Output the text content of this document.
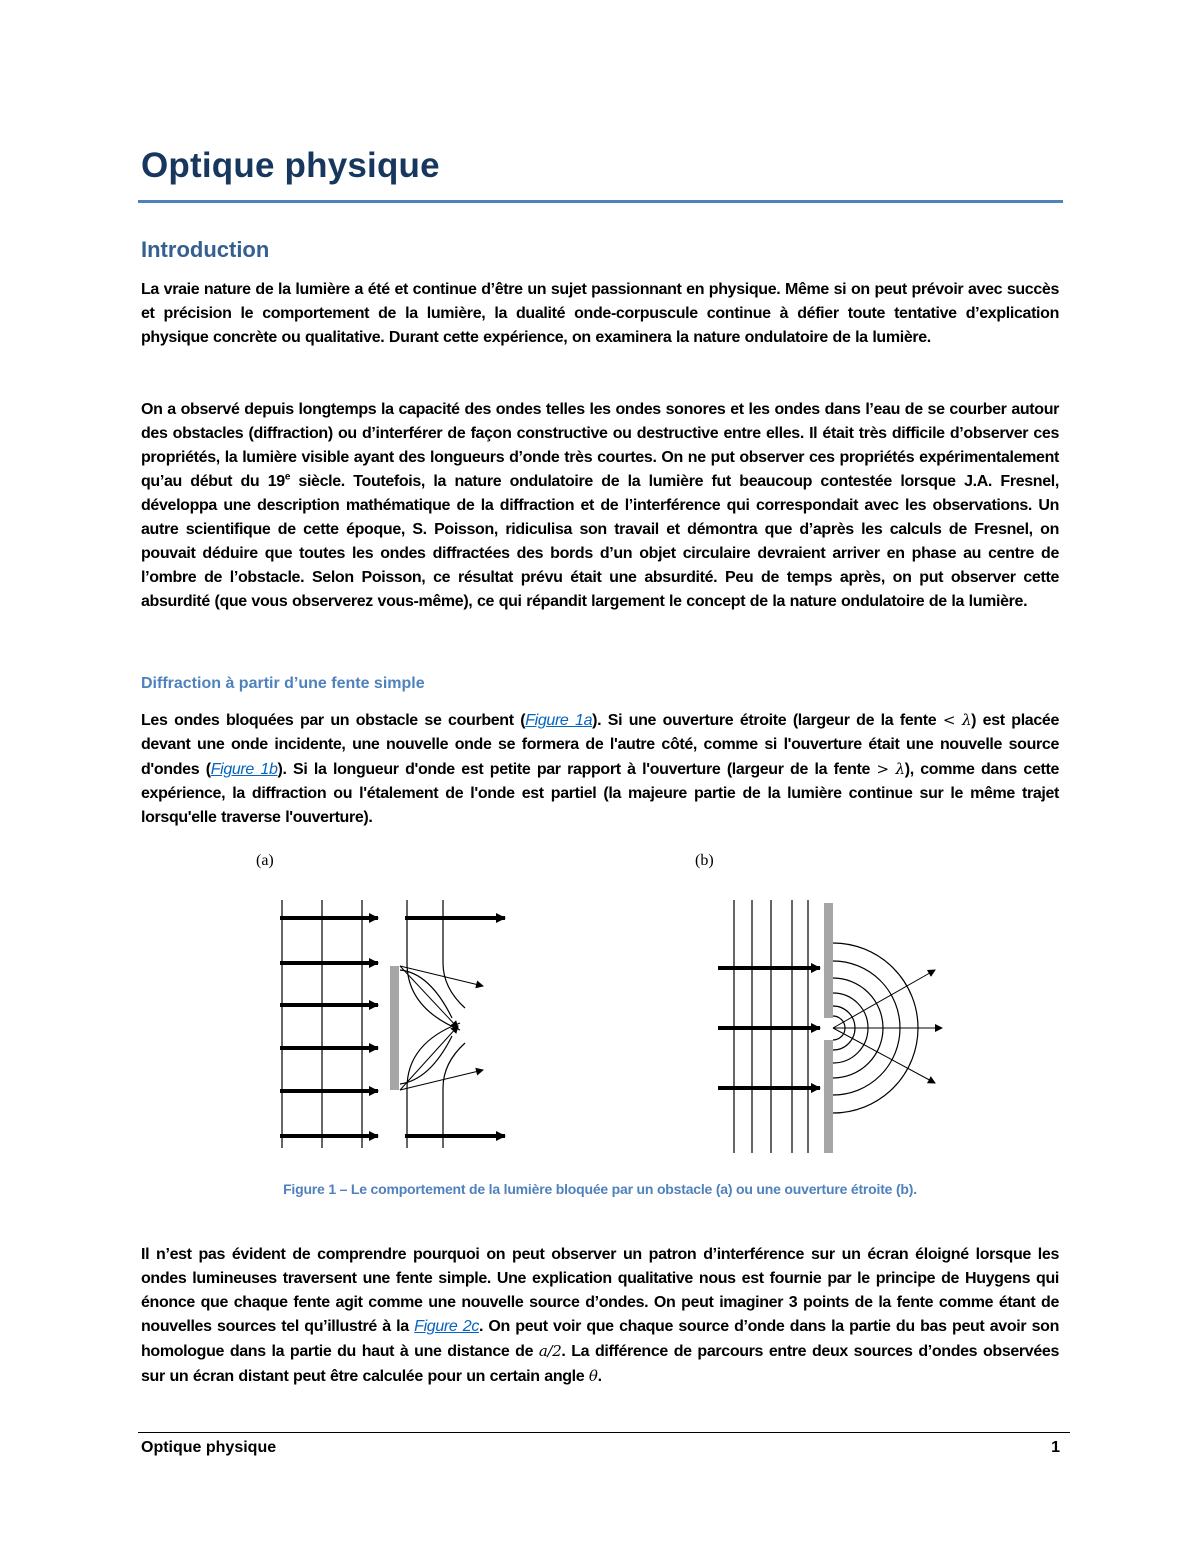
Optique physique
Introduction
La vraie nature de la lumière a été et continue d’être un sujet passionnant en physique. Même si on peut prévoir avec succès et précision le comportement de la lumière, la dualité onde-corpuscule continue à défier toute tentative d’explication physique concrète ou qualitative. Durant cette expérience, on examinera la nature ondulatoire de la lumière.
On a observé depuis longtemps la capacité des ondes telles les ondes sonores et les ondes dans l’eau de se courber autour des obstacles (diffraction) ou d’interférer de façon constructive ou destructive entre elles. Il était très difficile d’observer ces propriétés, la lumière visible ayant des longueurs d’onde très courtes. On ne put observer ces propriétés expérimentalement qu’au début du 19e siècle. Toutefois, la nature ondulatoire de la lumière fut beaucoup contestée lorsque J.A. Fresnel, développa une description mathématique de la diffraction et de l’interférence qui correspondait avec les observations. Un autre scientifique de cette époque, S. Poisson, ridiculisa son travail et démontra que d’après les calculs de Fresnel, on pouvait déduire que toutes les ondes diffractées des bords d’un objet circulaire devraient arriver en phase au centre de l’ombre de l’obstacle. Selon Poisson, ce résultat prévu était une absurdité. Peu de temps après, on put observer cette absurdité (que vous observerez vous-même), ce qui répandit largement le concept de la nature ondulatoire de la lumière.
Diffraction à partir d’une fente simple
Les ondes bloquées par un obstacle se courbent (Figure 1a). Si une ouverture étroite (largeur de la fente < λ) est placée devant une onde incidente, une nouvelle onde se formera de l'autre côté, comme si l'ouverture était une nouvelle source d'ondes (Figure 1b). Si la longueur d'onde est petite par rapport à l'ouverture (largeur de la fente > λ), comme dans cette expérience, la diffraction ou l'étalement de l'onde est partiel (la majeure partie de la lumière continue sur le même trajet lorsqu'elle traverse l'ouverture).
(a)	(b)
Figure 1 – Le comportement de la lumière bloquée par un obstacle (a) ou une ouverture étroite (b).
Il n’est pas évident de comprendre pourquoi on peut observer un patron d’interférence sur un écran éloigné lorsque les ondes lumineuses traversent une fente simple. Une explication qualitative nous est fournie par le principe de Huygens qui énonce que chaque fente agit comme une nouvelle source d’ondes. On peut imaginer 3 points de la fente comme étant de nouvelles sources tel qu’illustré à la Figure 2c. On peut voir que chaque source d’onde dans la partie du bas peut avoir son homologue dans la partie du haut à une distance de a/2. La différence de parcours entre deux sources d’ondes observées sur un écran distant peut être calculée pour un certain angle θ.
Optique physique	1
